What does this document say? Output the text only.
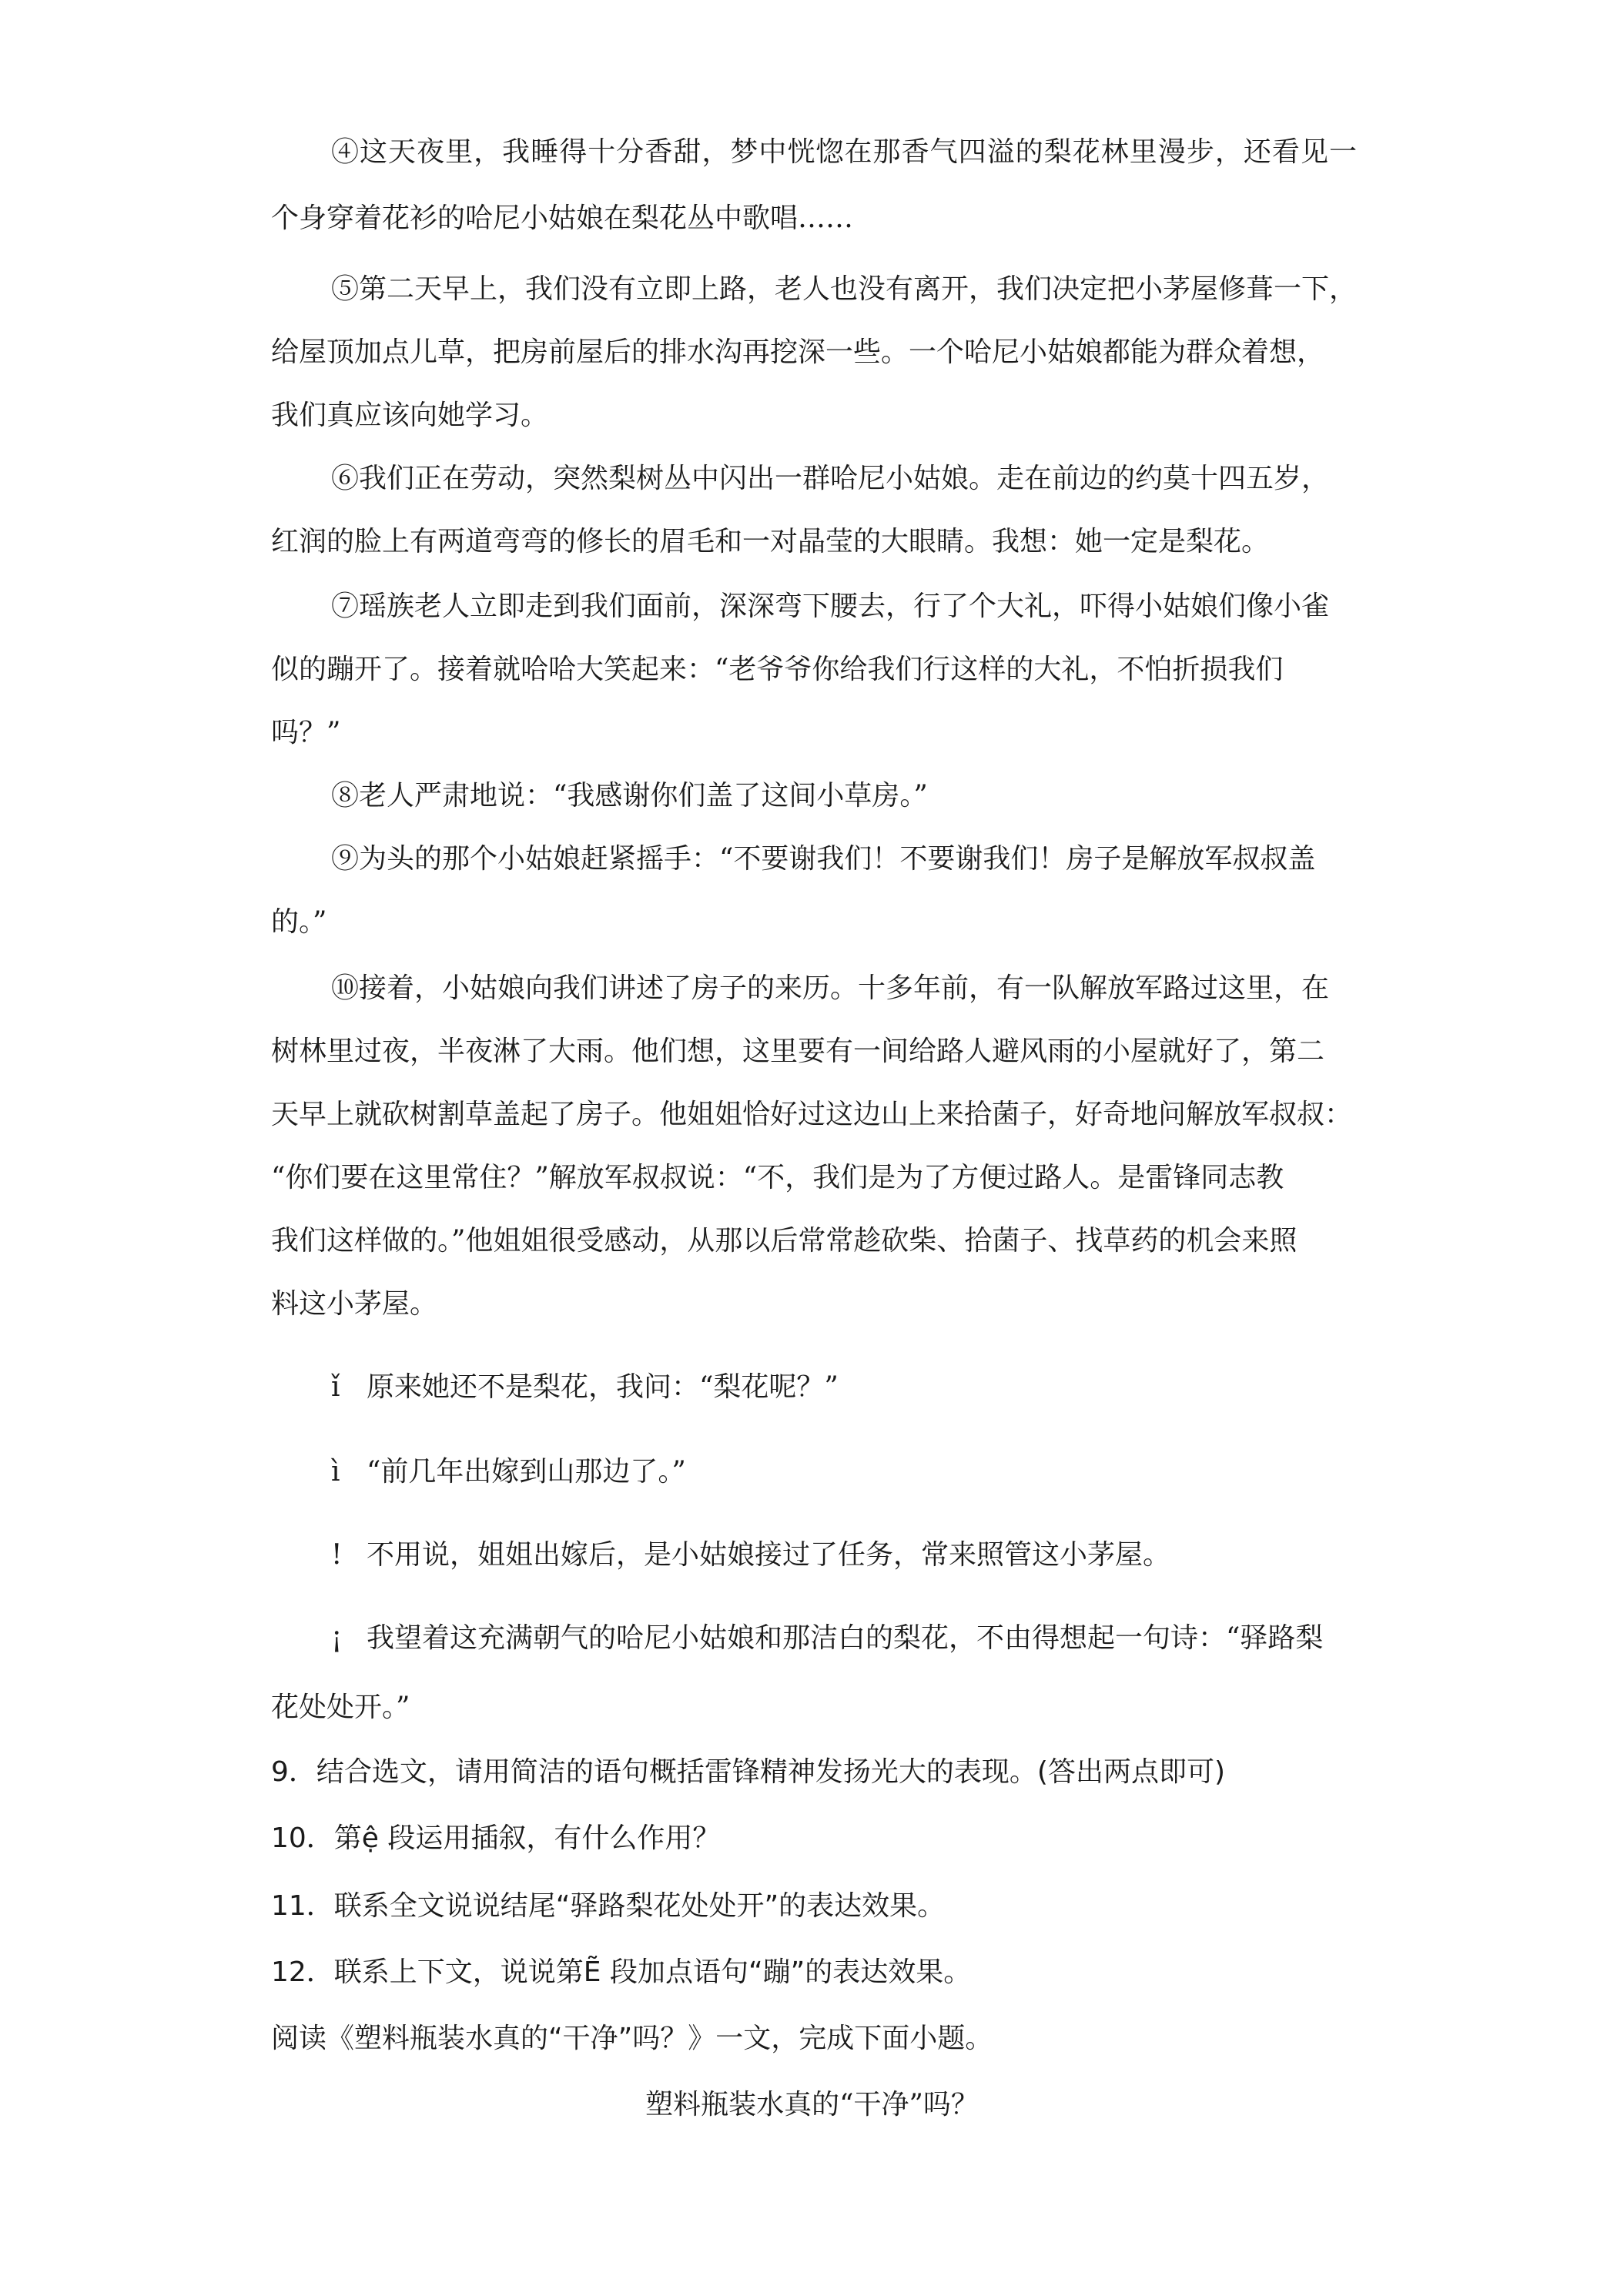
④这天夜里，我睡得十分香甜，梦中恍惚在那香气四溢的梨花林里漫步，还看见一

个身穿着花衫的哈尼小姑娘在梨花丛中歌唱……

⑤第二天早上，我们没有立即上路，老人也没有离开，我们决定把小茅屋修葺一下，

给屋顶加点儿草，把房前屋后的排水沟再挖深一些。一个哈尼小姑娘都能为群众着想，

我们真应该向她学习。

⑥我们正在劳动，突然梨树丛中闪出一群哈尼小姑娘。走在前边的约莫十四五岁，

红润的脸上有两道弯弯的修长的眉毛和一对晶莹的大眼睛。我想：她一定是梨花。

⑦瑶族老人立即走到我们面前，深深弯下腰去，行了个大礼，吓得小姑娘们像小雀

似的蹦开了。接着就哈哈大笑起来：“老爷爷你给我们行这样的大礼，不怕折损我们

吗？”

⑧老人严肃地说：“我感谢你们盖了这间小草房。”

⑨为头的那个小姑娘赶紧摇手：“不要谢我们！不要谢我们！房子是解放军叔叔盖

的。”

⑩接着，小姑娘向我们讲述了房子的来历。十多年前，有一队解放军路过这里，在

树林里过夜，半夜淋了大雨。他们想，这里要有一间给路人避风雨的小屋就好了，第二

天早上就砍树割草盖起了房子。他姐姐恰好过这边山上来拾菌子，好奇地问解放军叔叔：

“你们要在这里常住？”解放军叔叔说：“不，我们是为了方便过路人。是雷锋同志教

我们这样做的。”他姐姐很受感动，从那以后常常趁砍柴、拾菌子、找草药的机会来照

料这小茅屋。

ǐ 原来她还不是梨花，我问：“梨花呢？”

ì “前几年出嫁到山那边了。”

! 不用说，姐姐出嫁后，是小姑娘接过了任务，常来照管这小茅屋。

¡ 我望着这充满朝气的哈尼小姑娘和那洁白的梨花，不由得想起一句诗：“驿路梨

花处处开。”

9．结合选文，请用简洁的语句概括雷锋精神发扬光大的表现。(答出两点即可)

10．第ệ 段运用插叙，有什么作用？

11．联系全文说说结尾“驿路梨花处处开”的表达效果。

12．联系上下文，说说第Ẽ 段加点语句“蹦”的表达效果。

阅读《塑料瓶装水真的“干净”吗？》一文，完成下面小题。

塑料瓶装水真的“干净”吗？
